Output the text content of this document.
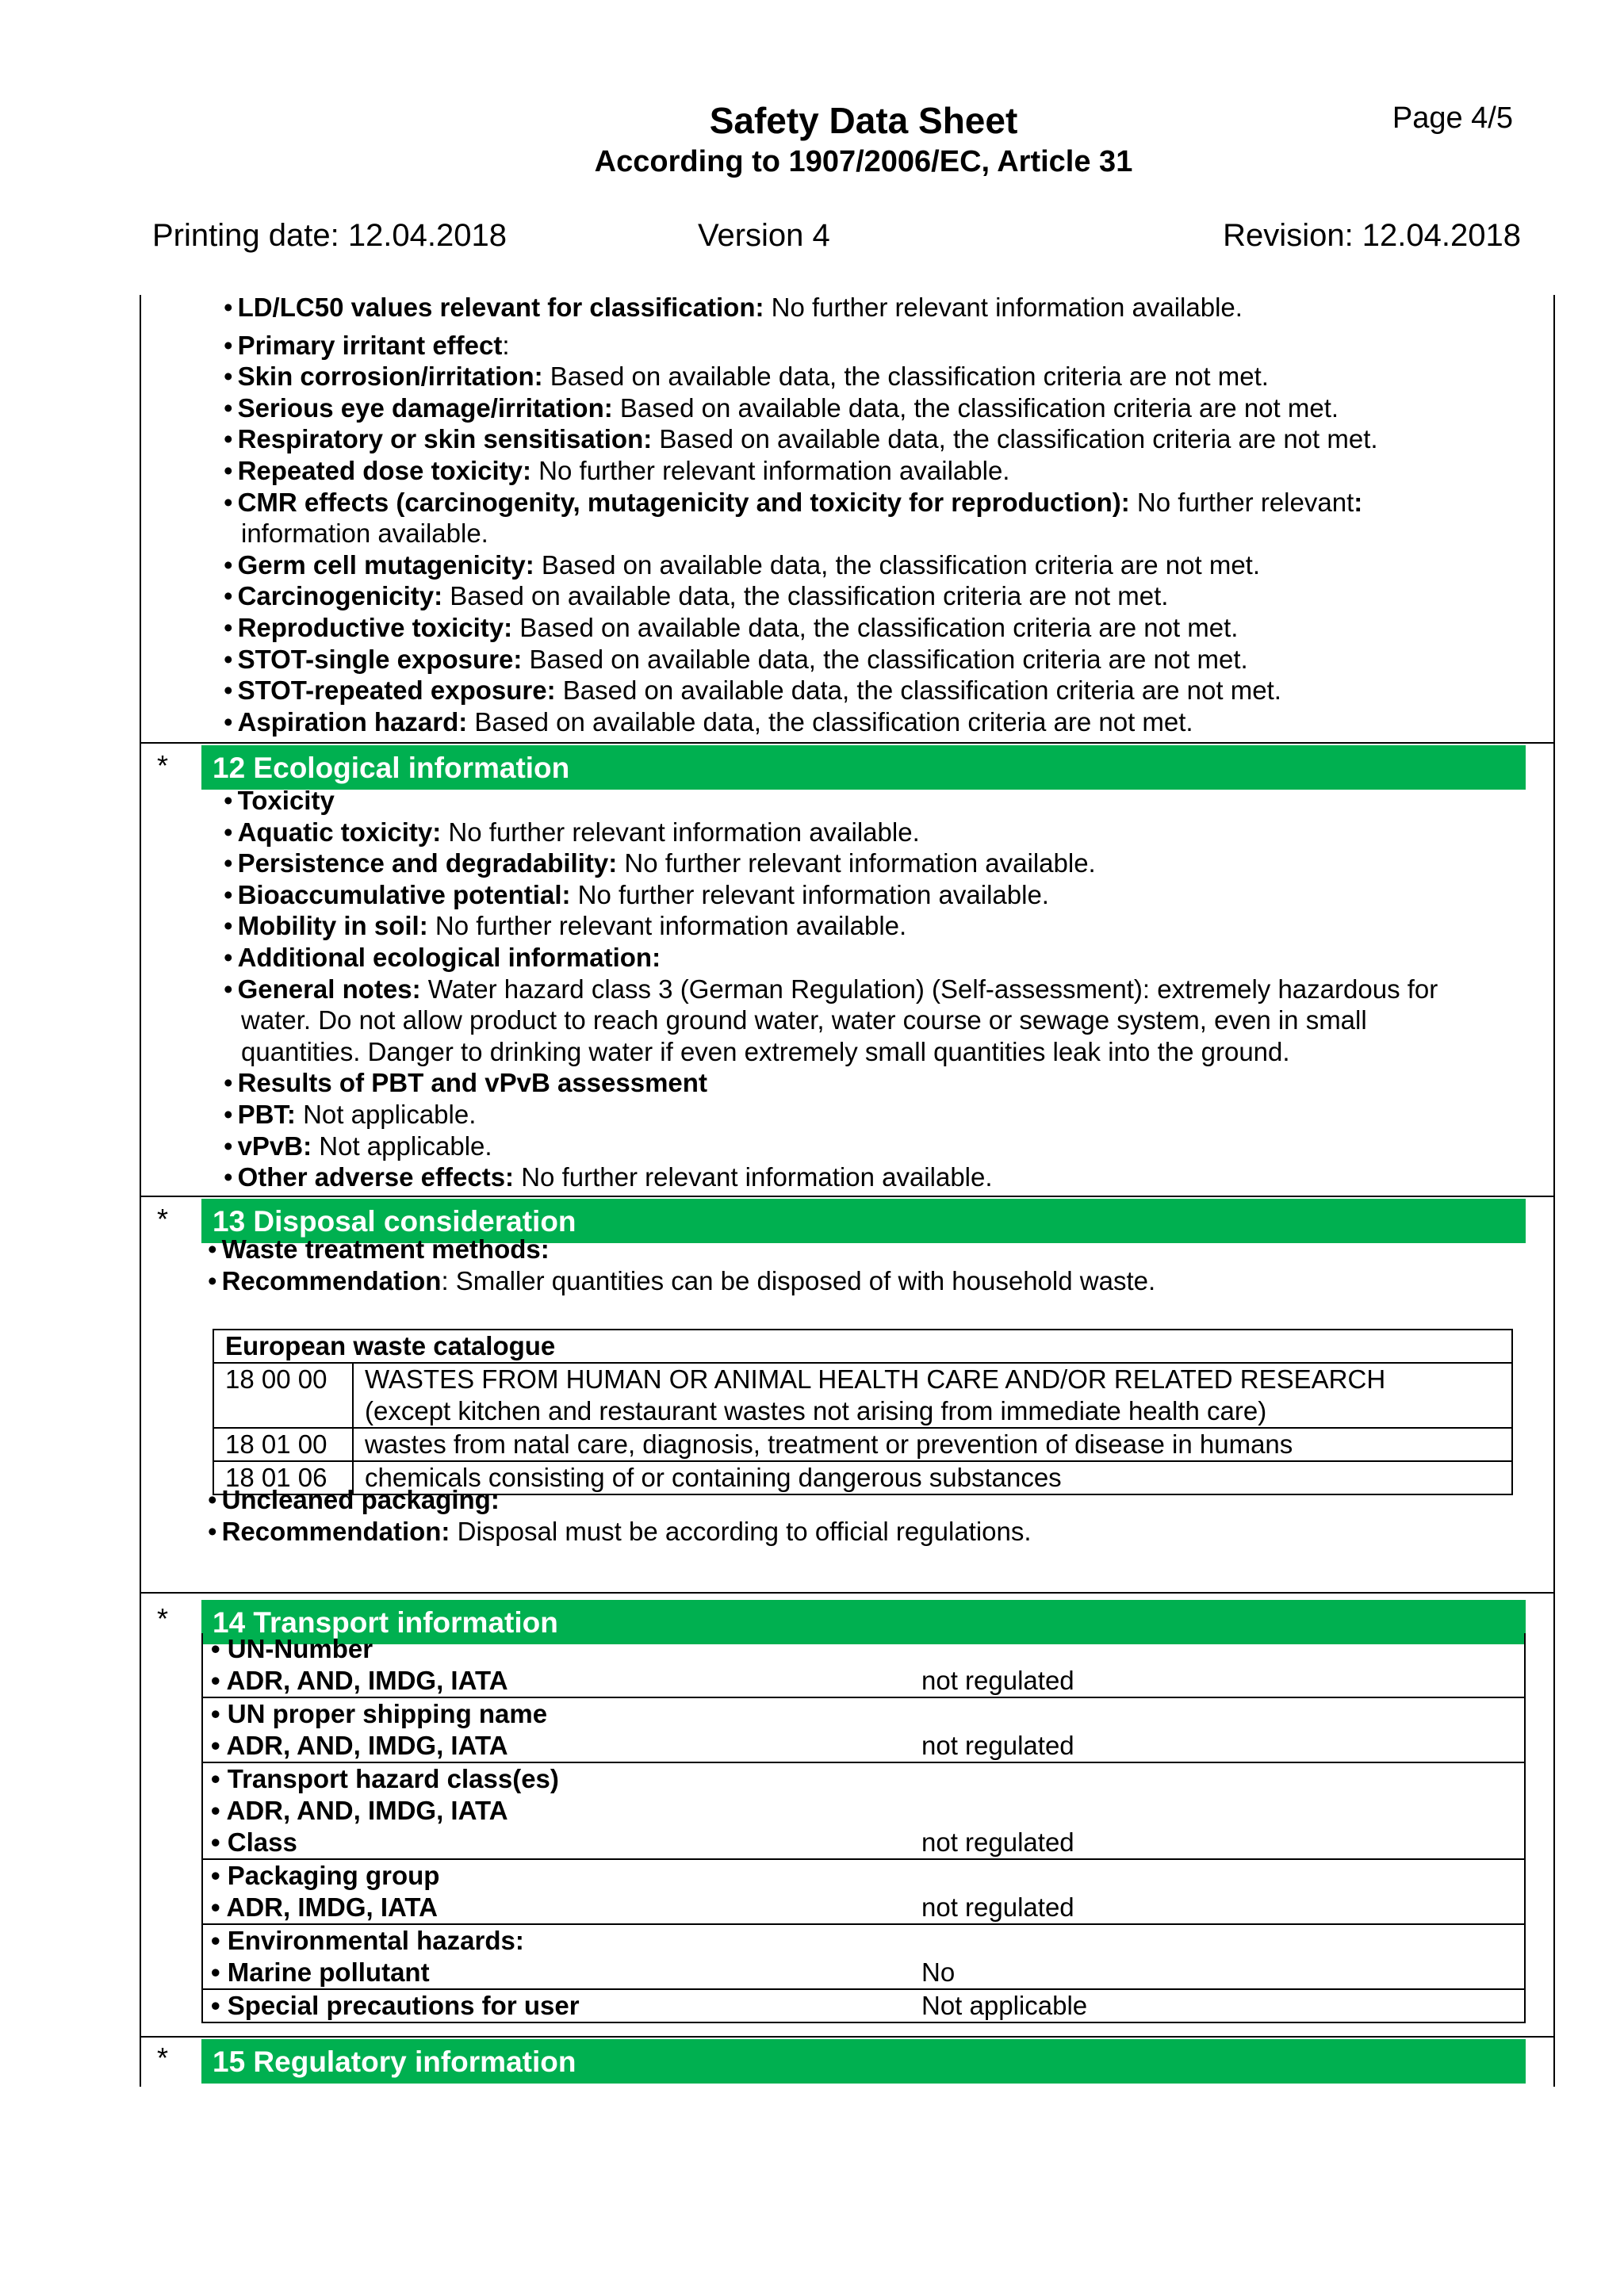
Safety Data Sheet
According to 1907/2006/EC, Article 31
Page 4/5
Printing date: 12.04.2018	Version 4	Revision: 12.04.2018
• LD/LC50 values relevant for classification: No further relevant information available.
• Primary irritant effect:
• Skin corrosion/irritation: Based on available data, the classification criteria are not met.
• Serious eye damage/irritation: Based on available data, the classification criteria are not met.
• Respiratory or skin sensitisation: Based on available data, the classification criteria are not met.
• Repeated dose toxicity: No further relevant information available.
• CMR effects (carcinogenity, mutagenicity and toxicity for reproduction): No further relevant:
information available.
• Germ cell mutagenicity: Based on available data, the classification criteria are not met.
• Carcinogenicity: Based on available data, the classification criteria are not met.
• Reproductive toxicity: Based on available data, the classification criteria are not met.
• STOT-single exposure: Based on available data, the classification criteria are not met.
• STOT-repeated exposure: Based on available data, the classification criteria are not met.
• Aspiration hazard: Based on available data, the classification criteria are not met.
* 12 Ecological information
• Toxicity
• Aquatic toxicity: No further relevant information available.
• Persistence and degradability: No further relevant information available.
• Bioaccumulative potential: No further relevant information available.
• Mobility in soil: No further relevant information available.
• Additional ecological information:
• General notes: Water hazard class 3 (German Regulation) (Self-assessment): extremely hazardous for
water. Do not allow product to reach ground water, water course or sewage system, even in small
quantities. Danger to drinking water if even extremely small quantities leak into the ground.
• Results of PBT and vPvB assessment
• PBT: Not applicable.
• vPvB: Not applicable.
• Other adverse effects: No further relevant information available.
* 13 Disposal consideration
• Waste treatment methods:
• Recommendation: Smaller quantities can be disposed of with household waste.
European waste catalogue	
18 00 00	WASTES FROM HUMAN OR ANIMAL HEALTH CARE AND/OR RELATED RESEARCH
(except kitchen and restaurant wastes not arising from immediate health care)

18 01 00	wastes from natal care, diagnosis, treatment or prevention of disease in humans

18 01 06	chemicals consisting of or containing dangerous substances
• Uncleaned packaging:
• Recommendation: Disposal must be according to official regulations.
* 14 Transport information
• UN-Number
• ADR, AND, IMDG, IATA	not regulated

• UN proper shipping name
• ADR, AND, IMDG, IATA	not regulated

• Transport hazard class(es)
• ADR, AND, IMDG, IATA
• Class	not regulated

• Packaging group
• ADR, IMDG, IATA	not regulated

• Environmental hazards:
• Marine pollutant	No

• Special precautions for user	Not applicable
* 15 Regulatory information
